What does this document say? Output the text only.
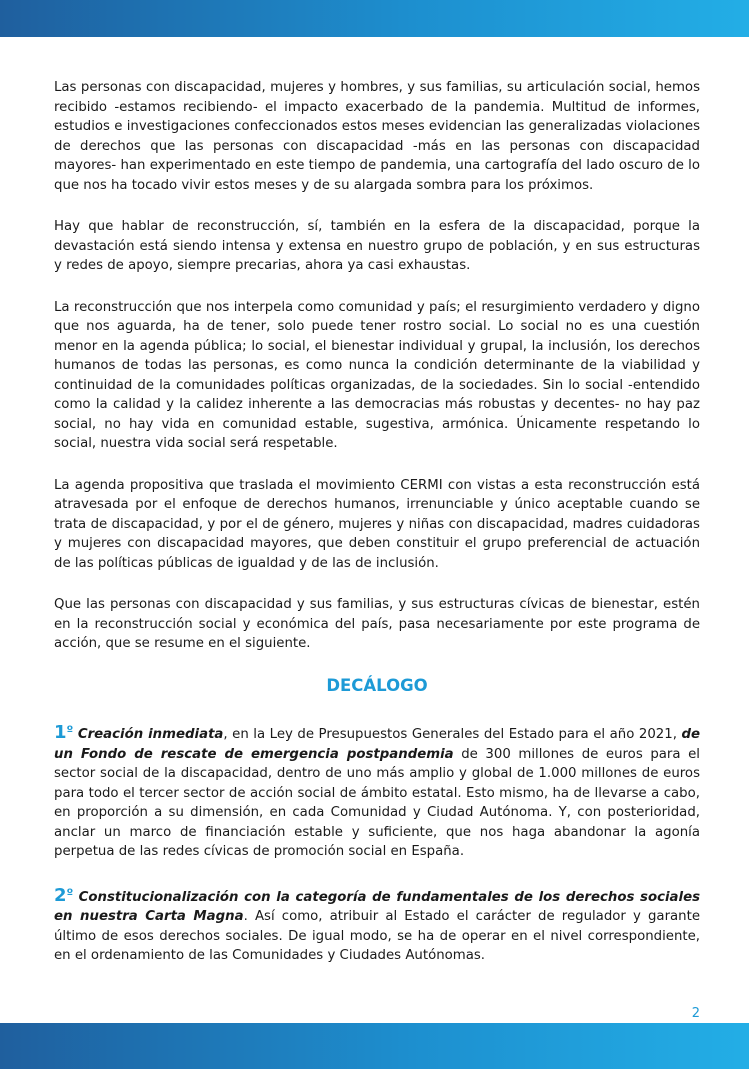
Las personas con discapacidad, mujeres y hombres, y sus familias, su articulación social, hemos recibido -estamos recibiendo- el impacto exacerbado de la pandemia. Multitud de informes, estudios e investigaciones confeccionados estos meses evidencian las generalizadas violaciones de derechos que las personas con discapacidad -más en las personas con discapacidad mayores- han experimentado en este tiempo de pandemia, una cartografía del lado oscuro de lo que nos ha tocado vivir estos meses y de su alargada sombra para los próximos.

Hay que hablar de reconstrucción, sí, también en la esfera de la discapacidad, porque la devastación está siendo intensa y extensa en nuestro grupo de población, y en sus estructuras y redes de apoyo, siempre precarias, ahora ya casi exhaustas.

La reconstrucción que nos interpela como comunidad y país; el resurgimiento verdadero y digno que nos aguarda, ha de tener, solo puede tener rostro social. Lo social no es una cuestión menor en la agenda pública; lo social, el bienestar individual y grupal, la inclusión, los derechos humanos de todas las personas, es como nunca la condición determinante de la viabilidad y continuidad de la comunidades políticas organizadas, de la sociedades. Sin lo social -entendido como la calidad y la calidez inherente a las democracias más robustas y decentes- no hay paz social, no hay vida en comunidad estable, sugestiva, armónica. Únicamente respetando lo social, nuestra vida social será respetable.

La agenda propositiva que traslada el movimiento CERMI con vistas a esta reconstrucción está atravesada por el enfoque de derechos humanos, irrenunciable y único aceptable cuando se trata de discapacidad, y por el de género, mujeres y niñas con discapacidad, madres cuidadoras y mujeres con discapacidad mayores, que deben constituir el grupo preferencial de actuación de las políticas públicas de igualdad y de las de inclusión.

Que las personas con discapacidad y sus familias, y sus estructuras cívicas de bienestar, estén en la reconstrucción social y económica del país, pasa necesariamente por este programa de acción, que se resume en el siguiente.

DECÁLOGO
$1^º$ Creación inmediata, en la Ley de Presupuestos Generales del Estado para el año 2021, de un Fondo de rescate de emergencia postpandemia de 300 millones de euros para el sector social de la discapacidad, dentro de uno más amplio y global de 1.000 millones de euros para todo el tercer sector de acción social de ámbito estatal. Esto mismo, ha de llevarse a cabo, en proporción a su dimensión, en cada Comunidad y Ciudad Autónoma. Y, con posterioridad, anclar un marco de financiación estable y suficiente, que nos haga abandonar la agonía perpetua de las redes cívicas de promoción social en España.
$2^º$ Constitucionalización con la categoría de fundamentales de los derechos sociales en nuestra Carta Magna. Así como, atribuir al Estado el carácter de regulador y garante último de esos derechos sociales. De igual modo, se ha de operar en el nivel correspondiente, en el ordenamiento de las Comunidades y Ciudades Autónomas.
2
